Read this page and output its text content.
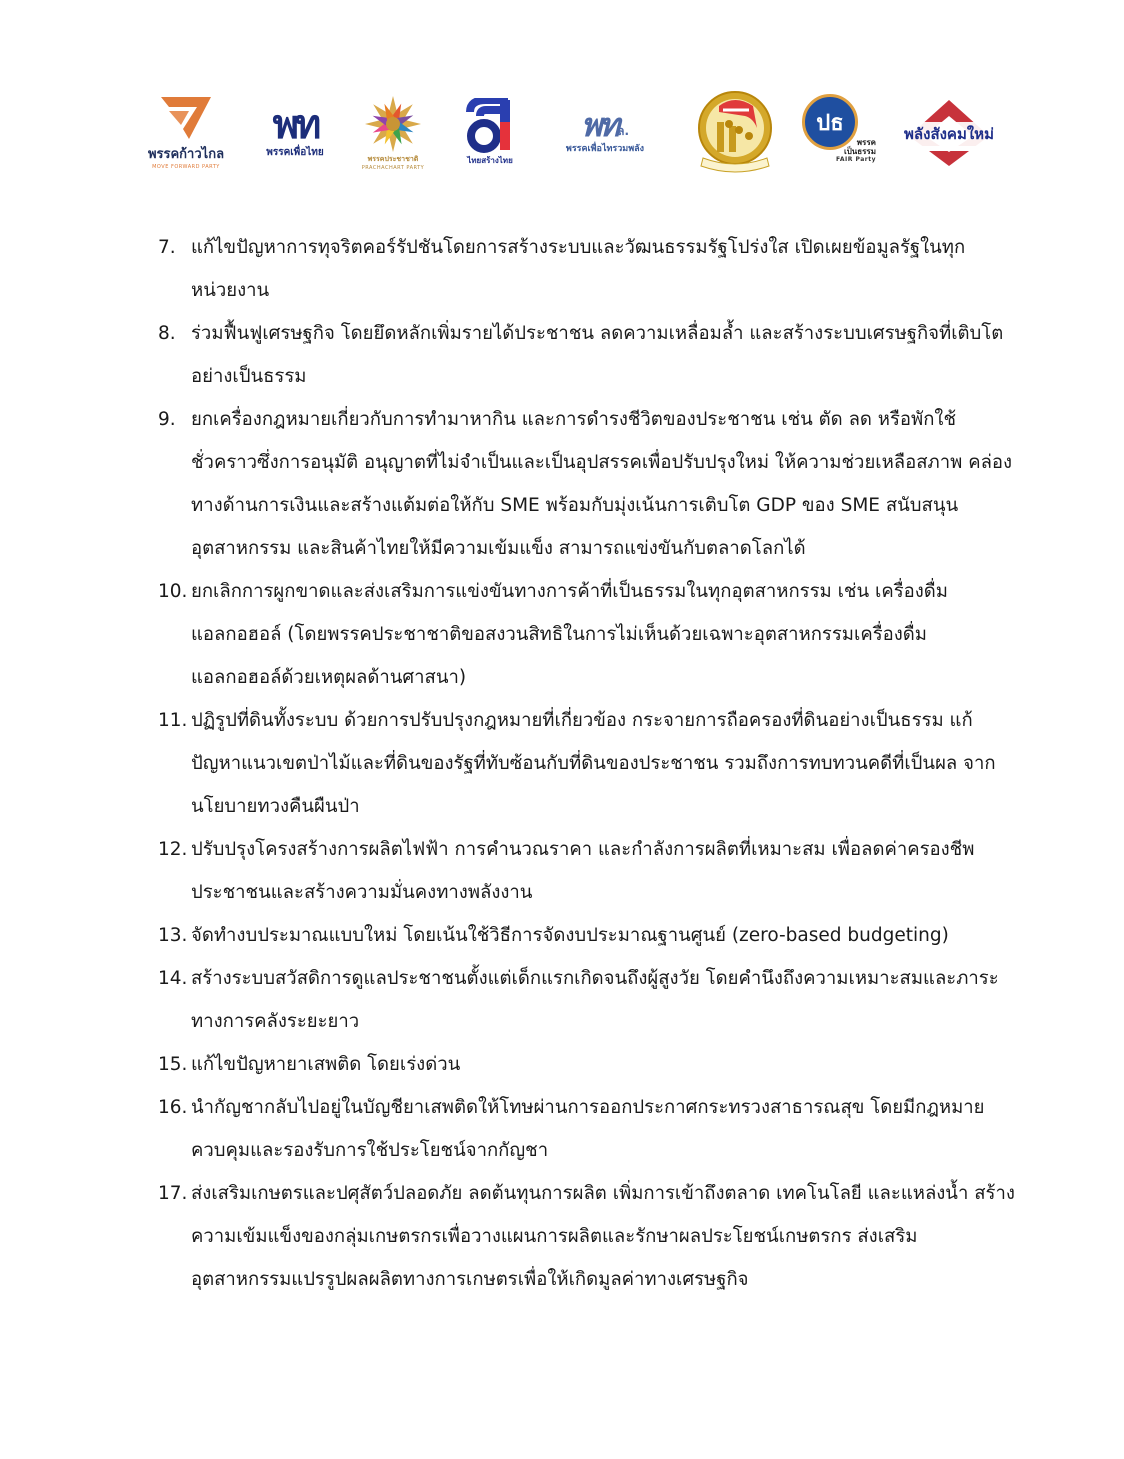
พรรคก้าวไกล
MOVE FORWARD PARTY
พท
พรรคเพื่อไทย
พรรคประชาชาติ
PRACHACHART PARTY
ไทยสร้างไทย
พท ล.
พรรคเพื่อไทรวมพลัง
ปธ
พรรค
เป็นธรรม
FAIR Party
พลังสังคมใหม่
7. แก้ไขปัญหาการทุจริตคอร์รัปชันโดยการสร้างระบบและวัฒนธรรมรัฐโปร่งใส เปิดเผยข้อมูลรัฐในทุก หน่วยงาน
8. ร่วมฟื้นฟูเศรษฐกิจ โดยยึดหลักเพิ่มรายได้ประชาชน ลดความเหลื่อมล้ำ และสร้างระบบเศรษฐกิจที่เติบโต อย่างเป็นธรรม
9. ยกเครื่องกฎหมายเกี่ยวกับการทำมาหากิน และการดำรงชีวิตของประชาชน เช่น ตัด ลด หรือพักใช้ ชั่วคราวซึ่งการอนุมัติ อนุญาตที่ไม่จำเป็นและเป็นอุปสรรคเพื่อปรับปรุงใหม่ ให้ความช่วยเหลือสภาพ คล่องทางด้านการเงินและสร้างแต้มต่อให้กับ SME พร้อมกับมุ่งเน้นการเติบโต GDP ของ SME สนับสนุน อุตสาหกรรม และสินค้าไทยให้มีความเข้มแข็ง สามารถแข่งขันกับตลาดโลกได้
10. ยกเลิกการผูกขาดและส่งเสริมการแข่งขันทางการค้าที่เป็นธรรมในทุกอุตสาหกรรม เช่น เครื่องดื่ม แอลกอฮอล์ (โดยพรรคประชาชาติขอสงวนสิทธิในการไม่เห็นด้วยเฉพาะอุตสาหกรรมเครื่องดื่ม แอลกอฮอล์ด้วยเหตุผลด้านศาสนา)
11. ปฏิรูปที่ดินทั้งระบบ ด้วยการปรับปรุงกฎหมายที่เกี่ยวข้อง กระจายการถือครองที่ดินอย่างเป็นธรรม แก้ปัญหาแนวเขตป่าไม้และที่ดินของรัฐที่ทับซ้อนกับที่ดินของประชาชน รวมถึงการทบทวนคดีที่เป็นผล จากนโยบายทวงคืนผืนป่า
12. ปรับปรุงโครงสร้างการผลิตไฟฟ้า การคำนวณราคา และกำลังการผลิตที่เหมาะสม เพื่อลดค่าครองชีพ ประชาชนและสร้างความมั่นคงทางพลังงาน
13. จัดทำงบประมาณแบบใหม่ โดยเน้นใช้วิธีการจัดงบประมาณฐานศูนย์ (zero-based budgeting)
14. สร้างระบบสวัสดิการดูแลประชาชนตั้งแต่เด็กแรกเกิดจนถึงผู้สูงวัย โดยคำนึงถึงความเหมาะสมและภาระ ทางการคลังระยะยาว
15. แก้ไขปัญหายาเสพติด โดยเร่งด่วน
16. นำกัญชากลับไปอยู่ในบัญชียาเสพติดให้โทษผ่านการออกประกาศกระทรวงสาธารณสุข โดยมีกฎหมาย ควบคุมและรองรับการใช้ประโยชน์จากกัญชา
17. ส่งเสริมเกษตรและปศุสัตว์ปลอดภัย ลดต้นทุนการผลิต เพิ่มการเข้าถึงตลาด เทคโนโลยี และแหล่งน้ำ สร้างความเข้มแข็งของกลุ่มเกษตรกรเพื่อวางแผนการผลิตและรักษาผลประโยชน์เกษตรกร ส่งเสริม อุตสาหกรรมแปรรูปผลผลิตทางการเกษตรเพื่อให้เกิดมูลค่าทางเศรษฐกิจ
